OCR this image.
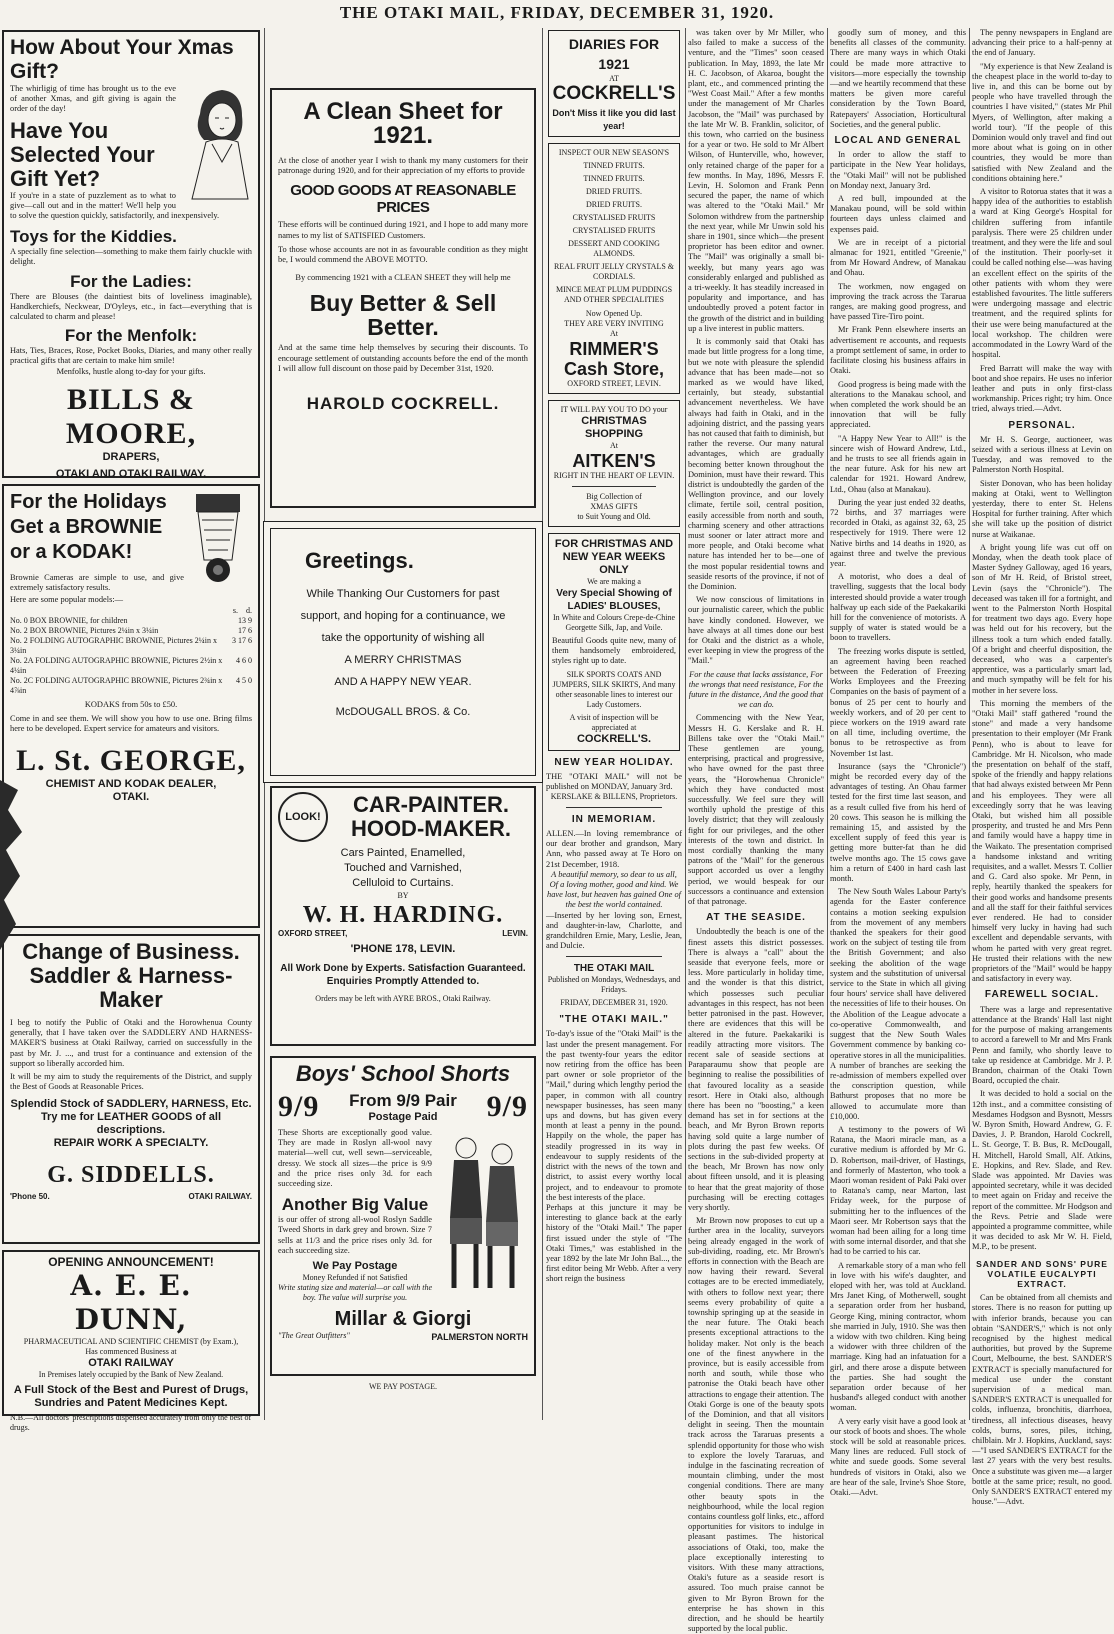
THE OTAKI MAIL, FRIDAY, DECEMBER 31, 1920.
How About Your Xmas Gift?
The whirligig of time has brought us to the eve of another Xmas, and gift giving is again the order of the day!
Have You Selected Your Gift Yet?
If you're in a state of puzzlement as to what to give—call out and in the matter! We'll help you to solve the question quickly, satisfactorily, and inexpensively.
Toys for the Kiddies.
A specially fine selection—something to make them fairly chuckle with delight.
For the Ladies:
There are Blouses (the daintiest bits of loveliness imaginable), Handkerchiefs, Neckwear, D'Oyleys, etc., in fact—everything that is calculated to charm and please!
For the Menfolk:
Hats, Ties, Braces, Rose, Pocket Books, Diaries, and many other really practical gifts that are certain to make him smile!
Menfolks, hustle along to-day for your gifts.
BILLS & MOORE,
DRAPERS,
OTAKI AND OTAKI RAILWAY.
For the Holidays Get a BROWNIE or a KODAK!
Brownie Cameras are simple to use, and give extremely satisfactory results.
Here are some popular models:—
s. d.
No. 0 BOX BROWNIE, for children	13 9
No. 2 BOX BROWNIE, Pictures 2¼in x 3¼in	17 6
No. 2 FOLDING AUTOGRAPHIC BROWNIE, Pictures 2¼in x 3¼in
3 17 6
No. 2A FOLDING AUTOGRAPHIC BROWNIE, Pictures 2½in x 4¼in
4 6 0
No. 2C FOLDING AUTOGRAPHIC BROWNIE, Pictures 2¾in x 4⅞in
4 5 0
KODAKS from 50s to £50.
Come in and see them. We will show you how to use one. Bring films here to be developed. Expert service for amateurs and visitors.
L. St. GEORGE,
CHEMIST AND KODAK DEALER,
OTAKI.
Change of Business.
Saddler & Harness-Maker
I beg to notify the Public of Otaki and the Horowhenua County generally, that I have taken over the SADDLERY AND HARNESS-MAKER'S business at Otaki Railway, carried on successfully in the past by Mr. J. ..., and trust for a continuance and extension of the support so liberally accorded him.
It will be my aim to study the requirements of the District, and supply the Best of Goods at Reasonable Prices.
Splendid Stock of SADDLERY, HARNESS, Etc.
Try me for LEATHER GOODS of all descriptions.
REPAIR WORK A SPECIALTY.
G. SIDDELLS.
'Phone 50.	OTAKI RAILWAY.
OPENING ANNOUNCEMENT!
A. E. E. DUNN,
PHARMACEUTICAL AND SCIENTIFIC CHEMIST (by Exam.),
Has commenced Business at
OTAKI RAILWAY
In Premises lately occupied by the Bank of New Zealand.
A Full Stock of the Best and Purest of Drugs, Sundries and Patent Medicines Kept.
N.B.—All doctors' prescriptions dispensed accurately from only the best of drugs.
A Clean Sheet for 1921.
At the close of another year I wish to thank my many customers for their patronage during 1920, and for their appreciation of my efforts to provide
GOOD GOODS AT REASONABLE PRICES
These efforts will be continued during 1921, and I hope to add many more names to my list of SATISFIED Customers.
To those whose accounts are not in as favourable condition as they might be, I would commend the ABOVE MOTTO.
By commencing 1921 with a CLEAN SHEET they will help me
Buy Better & Sell Better.
And at the same time help themselves by securing their discounts. To encourage settlement of outstanding accounts before the end of the month I will allow full discount on those paid by December 31st, 1920.
HAROLD COCKRELL.
Greetings.
While Thanking Our Customers for past
support, and hoping for a continuance, we
take the opportunity of wishing all
A MERRY CHRISTMAS
AND A HAPPY NEW YEAR.
McDOUGALL BROS. & Co.
LOOK!	CAR-PAINTER.
HOOD-MAKER.
Cars Painted, Enamelled,
Touched and Varnished,
Celluloid to Curtains.
BY
W. H. HARDING.
OXFORD STREET,	LEVIN.
'PHONE 178, LEVIN.
All Work Done by Experts. Satisfaction Guaranteed.
Enquiries Promptly Attended to.
Orders may be left with AYRE BROS., Otaki Railway.
Boys' School Shorts
9/9 From 9/9 Pair
Postage Paid	9/9
These Shorts are exceptionally good value. They are made in Roslyn all-wool navy material—well cut, well sewn—serviceable, dressy. We stock all sizes—the price is 9/9 and the price rises only 3d. for each succeeding size.
Another Big Value
is our offer of strong all-wool Roslyn Saddle Tweed Shorts in dark grey and brown. Size 7 sells at 11/3 and the price rises only 3d. for each succeeding size.
We Pay Postage
Money Refunded if not Satisfied
Write stating size and material—or call with the boy. The value will surprise you.
Millar & Giorgi
"The Great Outfitters"	PALMERSTON NORTH
WE PAY POSTAGE.
DIARIES FOR 1921
AT
COCKRELL'S
Don't Miss it like you did last year!
INSPECT OUR NEW SEASON'S
TINNED FRUITS.
TINNED FRUITS.
DRIED FRUITS.
DRIED FRUITS.
CRYSTALISED FRUITS
CRYSTALISED FRUITS
DESSERT AND COOKING ALMONDS.
REAL FRUIT JELLY CRYSTALS & CORDIALS.
MINCE MEAT PLUM PUDDINGS AND OTHER SPECIALITIES
Now Opened Up.
THEY ARE VERY INVITING
At
RIMMER'S
Cash Store,
OXFORD STREET, LEVIN.
IT WILL PAY YOU TO DO your
CHRISTMAS SHOPPING
At
AITKEN'S
RIGHT IN THE HEART OF LEVIN.
Big Collection of
XMAS GIFTS
to Suit Young and Old.
FOR CHRISTMAS AND NEW YEAR WEEKS ONLY
We are making a
Very Special Showing of LADIES' BLOUSES,
In White and Colours Crepe-de-Chine Georgette Silk, Jap, and Voile.
Beautiful Goods quite new, many of them handsomely embroidered, styles right up to date.
SILK SPORTS COATS AND JUMPERS, SILK SKIRTS, And many other seasonable lines to interest our Lady Customers.
A visit of inspection will be appreciated at
COCKRELL'S.
NEW YEAR HOLIDAY.
THE "OTAKI MAIL" will not be published on MONDAY, January 3rd.
KERSLAKE & BILLENS, Proprietors.
IN MEMORIAM.
ALLEN.—In loving remembrance of our dear brother and grandson, Mary Ann, who passed away at Te Horo on 21st December, 1918.
A beautiful memory, so dear to us all, Of a loving mother, good and kind. We have lost, but heaven has gained One of the best the world contained.
—Inserted by her loving son, Ernest, and daughter-in-law, Charlotte, and grandchildren Ernie, Mary, Leslie, Jean, and Dulcie.
THE OTAKI MAIL
Published on Mondays, Wednesdays, and Fridays.
FRIDAY, DECEMBER 31, 1920.
"THE OTAKI MAIL."
To-day's issue of the "Otaki Mail" is the last under the present management. For the past twenty-four years the editor now retiring from the office has been part owner or sole proprietor of the "Mail," during which lengthy period the paper, in common with all country newspaper businesses, has seen many ups and downs, but has given every month at least a penny in the pound. Happily on the whole, the paper has steadily progressed in its way in endeavour to supply residents of the district with the news of the town and district, to assist every worthy local project, and to endeavour to promote the best interests of the place.
Perhaps at this juncture it may be interesting to glance back at the early history of the "Otaki Mail." The paper first issued under the style of "The Otaki Times," was established in the year 1892 by the late Mr John Bal..., the first editor being Mr Webb. After a very short reign the business

was taken over by Mr Miller, who also failed to make a success of the venture, and the "Times" soon ceased publication. In May, 1893, the late Mr H. C. Jacobson, of Akaroa, bought the plant, etc., and commenced printing the "West Coast Mail." After a few months under the management of Mr Charles Jacobson, the "Mail" was purchased by the late Mr W. B. Franklin, solicitor, of this town, who carried on the business for a year or two. He sold to Mr Albert Wilson, of Hunterville, who, however, only retained charge of the paper for a few months. In May, 1896, Messrs F. Levin, H. Solomon and Frank Penn secured the paper, the name of which was altered to the "Otaki Mail." Mr Solomon withdrew from the partnership the next year, while Mr Unwin sold his share in 1901, since which—the present proprietor has been editor and owner. The "Mail" was originally a small bi-weekly, but many years ago was considerably enlarged and published as a tri-weekly. It has steadily increased in popularity and importance, and has undoubtedly proved a potent factor in the growth of the district and in building up a live interest in public matters.

It is commonly said that Otaki has made but little progress for a long time, but we note with pleasure the splendid advance that has been made—not so marked as we would have liked, certainly, but steady, substantial advancement nevertheless. We have always had faith in Otaki, and in the adjoining district, and the passing years has not caused that faith to diminish, but rather the reverse. Our many natural advantages, which are gradually becoming better known throughout the Dominion, must have their reward. This district is undoubtedly the garden of the Wellington province, and our lovely climate, fertile soil, central position, easily accessible from north and south, charming scenery and other attractions must sooner or later attract more and more people, and Otaki become what nature has intended her to be—one of the most popular residential towns and seaside resorts of the province, if not of the Dominion.

We now conscious of limitations in our journalistic career, which the public have kindly condoned. However, we have always at all times done our best for Otaki and the district as a whole, ever keeping in view the progress of the "Mail."

For the cause that lacks assistance, For the wrongs that need resistance, For the future in the distance, And the good that we can do.

Commencing with the New Year, Messrs H. G. Kerslake and R. H. Billens take over the "Otaki Mail." These gentlemen are young, enterprising, practical and progressive, who have owned for the past three years, the "Horowhenua Chronicle" which they have conducted most successfully. We feel sure they will worthily uphold the prestige of this lovely district; that they will zealously fight for our privileges, and the other interests of the town and district. In most cordially thanking the many patrons of the "Mail" for the generous support accorded us over a lengthy period, we would bespeak for our successors a continuance and extension of that patronage.

AT THE SEASIDE.

Undoubtedly the beach is one of the finest assets this district possesses. There is always a "call" about the seaside that everyone feels, more or less. More particularly in holiday time, and the wonder is that this district, which possesses such peculiar advantages in this respect, has not been better patronised in the past. However, there are evidences that this will be altered in the future. Paekakariki is readily attracting more visitors. The recent sale of seaside sections at Paraparaumu show that people are beginning to realise the possibilities of that favoured locality as a seaside resort. Here in Otaki also, although there has been no "boosting," a keen demand has set in for sections at the beach, and Mr Byron Brown reports having sold quite a large number of plots during the past few weeks. Of sections in the sub-divided property at the beach, Mr Brown has now only about fifteen unsold, and it is pleasing to hear that the great majority of those purchasing will be erecting cottages very shortly.

Mr Brown now proposes to cut up a further area in the locality, surveyors being already engaged in the work of sub-dividing, roading, etc. Mr Brown's efforts in connection with the Beach are now having their reward. Several cottages are to be erected immediately, with others to follow next year; there seems every probability of quite a township springing up at the seaside in the near future. The Otaki beach presents exceptional attractions to the holiday maker. Not only is the beach one of the finest anywhere in the province, but is easily accessible from north and south, while those who patronise the Otaki beach have other attractions to engage their attention. The Otaki Gorge is one of the beauty spots of the Dominion, and that all visitors delight in seeing. Then the mountain track across the Tararuas presents a splendid opportunity for those who wish to explore the lovely Tararuas, and indulge in the fascinating recreation of mountain climbing, under the most congenial conditions. There are many other beauty spots in the neighbourhood, while the local region contains countless golf links, etc., afford opportunities for visitors to indulge in pleasant pastimes. The historical associations of Otaki, too, make the place exceptionally interesting to visitors. With these many attractions, Otaki's future as a seaside resort is assured. Too much praise cannot be given to Mr Byron Brown for the enterprise he has shown in this direction, and he should be heartily supported by the local public.

goodly sum of money, and this benefits all classes of the community. There are many ways in which Otaki could be made more attractive to visitors—more especially the township—and we heartily recommend that these matters be given more careful consideration by the Town Board, Ratepayers' Association, Horticultural Societies, and the general public.

LOCAL AND GENERAL

In order to allow the staff to participate in the New Year holidays, the "Otaki Mail" will not be published on Monday next, January 3rd.

A red bull, impounded at the Manakau pound, will be sold within fourteen days unless claimed and expenses paid.

We are in receipt of a pictorial almanac for 1921, entitled "Greenie," from Mr Howard Andrew, of Manakau and Ohau.

The workmen, now engaged on improving the track across the Tararua ranges, are making good progress, and have passed Tire-Tiro point.

Mr Frank Penn elsewhere inserts an advertisement re accounts, and requests a prompt settlement of same, in order to facilitate closing his business affairs in Otaki.

Good progress is being made with the alterations to the Manakau school, and when completed the work should be an innovation that will be fully appreciated.

"A Happy New Year to All!" is the sincere wish of Howard Andrew, Ltd., and he trusts to see all friends again in the near future. Ask for his new art calendar for 1921. Howard Andrew, Ltd., Ohau (also at Manakau).

During the year just ended 32 deaths, 72 births, and 37 marriages were recorded in Otaki, as against 32, 63, 25 respectively for 1919. There were 12 Native births and 14 deaths in 1920, as against three and twelve the previous year.

A motorist, who does a deal of travelling, suggests that the local body interested should provide a water trough halfway up each side of the Paekakariki hill for the convenience of motorists. A supply of water is stated would be a boon to travellers.

The freezing works dispute is settled, an agreement having been reached between the Federation of Freezing Works Employees and the Freezing Companies on the basis of payment of a bonus of 25 per cent to hourly and weekly workers, and of 20 per cent to piece workers on the 1919 award rate on all time, including overtime, the bonus to be retrospective as from November 1st last.

Insurance (says the "Chronicle") might be recorded every day of the advantages of testing. An Ohau farmer tested for the first time last season, and as a result culled five from his herd of 20 cows. This season he is milking the remaining 15, and assisted by the excellent supply of feed this year is getting more butter-fat than he did twelve months ago. The 15 cows gave him a return of £400 in hard cash last month.

The New South Wales Labour Party's agenda for the Easter conference contains a motion seeking expulsion from the movement of any members thanked the speakers for their good work on the subject of testing tile from the British Government; and also seeking the abolition of the wage system and the substitution of universal service to the State in which all giving four hours' service shall have delivered the necessities of life to their houses. On the Abolition of the League advocate a co-operative Commonwealth, and suggest that the New South Wales Government commence by banking co-operative stores in all the municipalities. A number of branches are seeking the re-admission of members expelled over the conscription question, while Bathurst proposes that no more be allowed to accumulate more than £10,000.

A testimony to the powers of Wi Ratana, the Maori miracle man, as a curative medium is afforded by Mr G. D. Robertson, mail-driver, of Hastings, and formerly of Masterton, who took a Maori woman resident of Paki Paki over to Ratana's camp, near Marton, last Friday week, for the purpose of submitting her to the influences of the Maori seer. Mr Robertson says that the woman had been ailing for a long time with some internal disorder, and that she had to be carried to his car.

A remarkable story of a man who fell in love with his wife's daughter, and eloped with her, was told at Auckland. Mrs Janet King, of Motherwell, sought a separation order from her husband, George King, mining contractor, whom she married in July, 1910. She was then a widow with two children. King being a widower with three children of the marriage. King had an infatuation for a girl, and there arose a dispute between the parties. She had sought the separation order because of her husband's alleged conduct with another woman.

A very early visit have a good look at our stock of boots and shoes. The whole stock will be sold at reasonable prices. Many lines are reduced. Full stock of white and suede goods. Some several hundreds of visitors in Otaki, also we are hear of the sale, Irvine's Shoe Store, Otaki.—Advt.

The penny newspapers in England are advancing their price to a half-penny at the end of January.

"My experience is that New Zealand is the cheapest place in the world to-day to live in, and this can be borne out by people who have travelled through the countries I have visited," (states Mr Phil Myers, of Wellington, after making a world tour). "If the people of this Dominion would only travel and find out more about what is going on in other countries, they would be more than satisfied with New Zealand and the conditions obtaining here."

A visitor to Rotorua states that it was a happy idea of the authorities to establish a ward at King George's Hospital for children suffering from infantile paralysis. There were 25 children under treatment, and they were the life and soul of the institution. Their poorly-set it could be called nothing else—was having an excellent effect on the spirits of the other patients with whom they were established favourites. The little sufferers were undergoing massage and electric treatment, and the required splints for their use were being manufactured at the local workshop. The children were accommodated in the Lowry Ward of the hospital.

Fred Barratt will make the way with boot and shoe repairs. He uses no inferior leather and puts in only first-class workmanship. Prices right; try him. Once tried, always tried.—Advt.

PERSONAL.

Mr H. S. George, auctioneer, was seized with a serious illness at Levin on Tuesday, and was removed to the Palmerston North Hospital.

Sister Donovan, who has been holiday making at Otaki, went to Wellington yesterday, there to enter St. Helens Hospital for further training. After which she will take up the position of district nurse at Waikanae.

A bright young life was cut off on Monday, when the death took place of Master Sydney Galloway, aged 16 years, son of Mr H. Reid, of Bristol street, Levin (says the "Chronicle"). The deceased was taken ill for a fortnight, and went to the Palmerston North Hospital for treatment two days ago. Every hope was held out for his recovery, but the illness took a turn which ended fatally. Of a bright and cheerful disposition, the deceased, who was a carpenter's apprentice, was a particularly smart lad, and much sympathy will be felt for his mother in her severe loss.

This morning the members of the "Otaki Mail" staff gathered "round the stone" and made a very handsome presentation to their employer (Mr Frank Penn), who is about to leave for Cambridge. Mr H. Nicolson, who made the presentation on behalf of the staff, spoke of the friendly and happy relations that had always existed between Mr Penn and his employees. They were all exceedingly sorry that he was leaving Otaki, but wished him all possible prosperity, and trusted he and Mrs Penn and family would have a happy time in the Waikato. The presentation comprised a handsome inkstand and writing requisites, and a wallet. Messrs T. Collier and G. Card also spoke. Mr Penn, in reply, heartily thanked the speakers for their good works and handsome presents and all the staff for their faithful services ever rendered. He had to consider himself very lucky in having had such excellent and dependable servants, with whom he parted with very great regret. He trusted their relations with the new proprietors of the "Mail" would be happy and satisfactory in every way.

FAREWELL SOCIAL.

There was a large and representative attendance at the Brands' Hall last night for the purpose of making arrangements to accord a farewell to Mr and Mrs Frank Penn and family, who shortly leave to take up residence at Cambridge. Mr J. P. Brandon, chairman of the Otaki Town Board, occupied the chair.

It was decided to hold a social on the 12th inst., and a committee consisting of Mesdames Hodgson and Bysnott, Messrs W. Byron Smith, Howard Andrew, G. F. Davies, J. P. Brandon, Harold Cockrell, L. St. George, T. B. Bus, R. McDougall, H. Mitchell, Harold Small, Alf. Atkins, E. Hopkins, and Rev. Slade, and Rev. Slade was appointed. Mr Davies was appointed secretary, while it was decided to meet again on Friday and receive the report of the committee. Mr Hodgson and the Revs. Petrie and Slade were appointed a programme committee, while it was decided to ask Mr W. H. Field, M.P., to be present.

SANDER AND SONS' PURE VOLATILE EUCALYPTI EXTRACT.

Can be obtained from all chemists and stores. There is no reason for putting up with inferior brands, because you can obtain "SANDER'S," which is not only recognised by the highest medical authorities, but proved by the Supreme Court, Melbourne, the best. SANDER'S EXTRACT is specially manufactured for medical use under the constant supervision of a medical man. SANDER'S EXTRACT is unequalled for colds, influenza, bronchitis, diarrhoea, tiredness, all infectious diseases, heavy colds, burns, sores, piles, itching, chilblain. Mr J. Hopkins, Auckland, says:—"I used SANDER'S EXTRACT for the last 27 years with the very best results. Once a substitute was given me—a larger bottle at the same price; result, no good. Only SANDER'S EXTRACT entered my house."—Advt.
